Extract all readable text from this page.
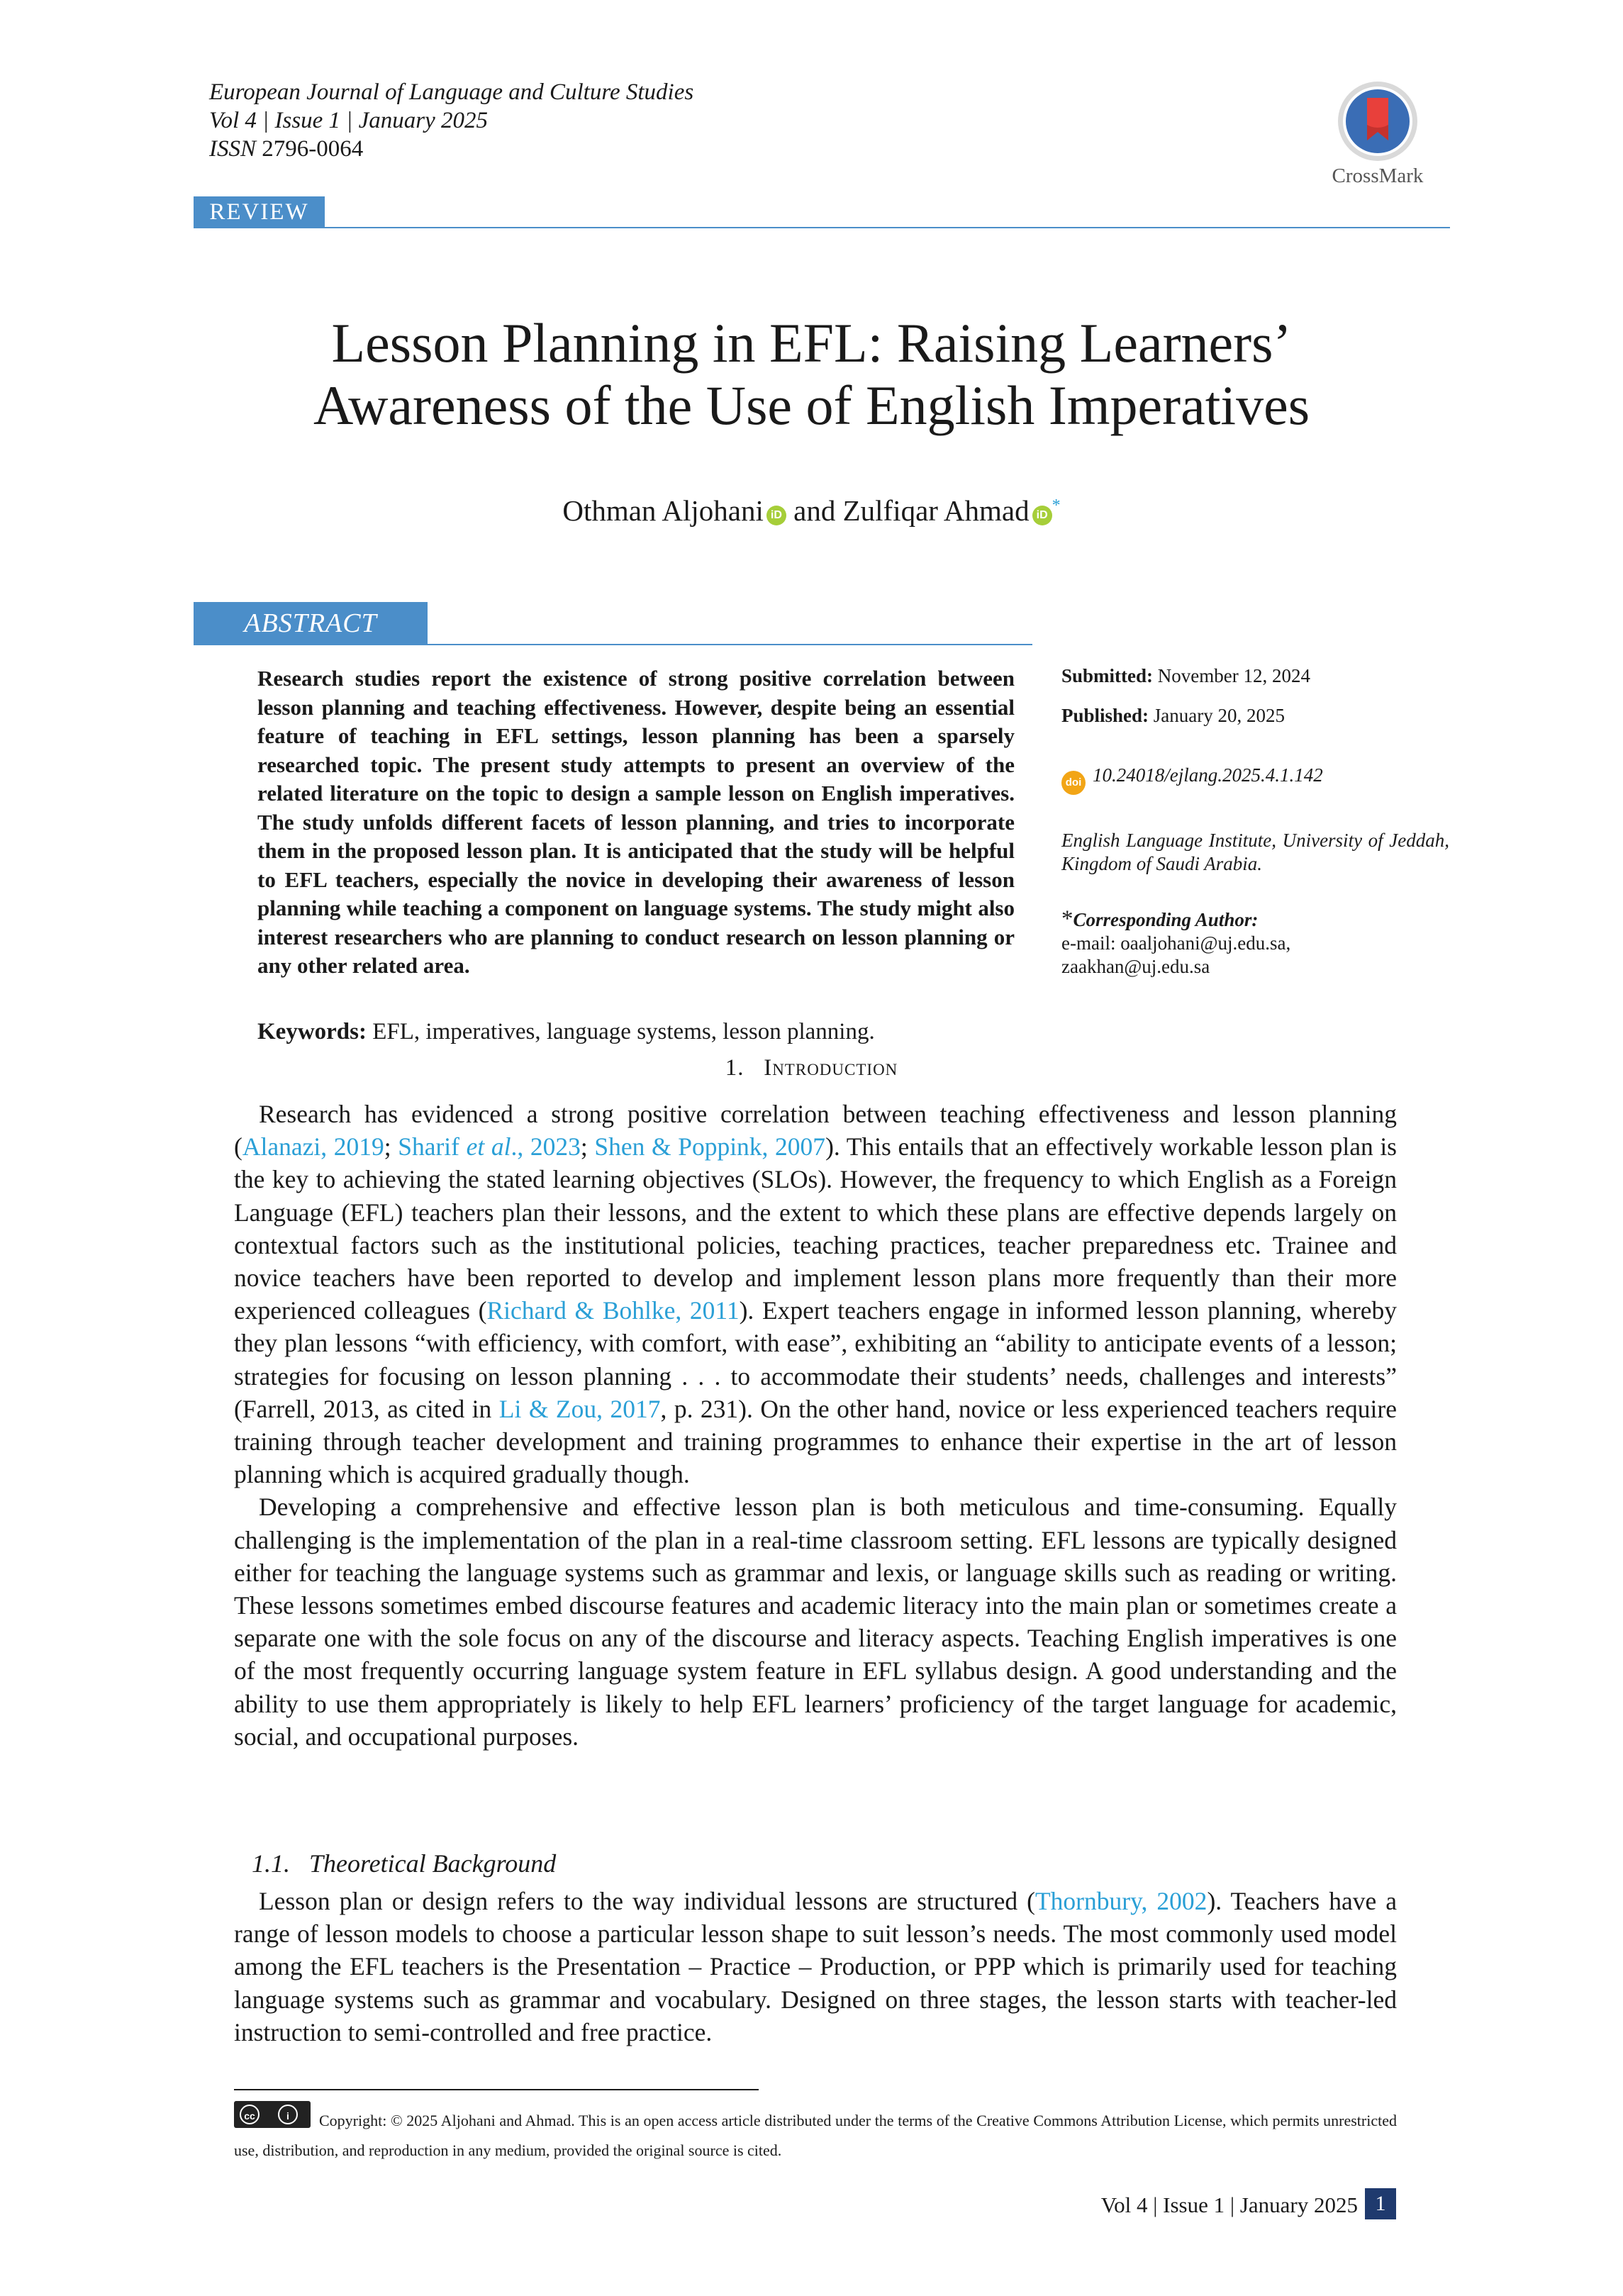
European Journal of Language and Culture Studies
Vol 4 | Issue 1 | January 2025
ISSN 2796-0064
CrossMark
REVIEW
Lesson Planning in EFL: Raising Learners’
Awareness of the Use of English Imperatives
Othman Aljohani iD and Zulfiqar Ahmad iD*
ABSTRACT
Research studies report the existence of strong positive correlation between lesson planning and teaching effectiveness. However, despite being an essential feature of teaching in EFL settings, lesson planning has been a sparsely researched topic. The present study attempts to present an overview of the related literature on the topic to design a sample lesson on English imperatives. The study unfolds different facets of lesson planning, and tries to incorporate them in the proposed lesson plan. It is anticipated that the study will be helpful to EFL teachers, especially the novice in developing their awareness of lesson planning while teaching a component on language systems. The study might also interest researchers who are planning to conduct research on lesson planning or any other related area.
Submitted: November 12, 2024
Published: January 20, 2025
doi 10.24018/ejlang.2025.4.1.142
English Language Institute, University of Jeddah, Kingdom of Saudi Arabia.
*Corresponding Author:
e-mail: oaaljohani@uj.edu.sa,
zaakhan@uj.edu.sa
Keywords: EFL, imperatives, language systems, lesson planning.
1. Introduction

Research has evidenced a strong positive correlation between teaching effectiveness and lesson planning (Alanazi, 2019; Sharif et al., 2023; Shen & Poppink, 2007). This entails that an effectively workable lesson plan is the key to achieving the stated learning objectives (SLOs). However, the frequency to which English as a Foreign Language (EFL) teachers plan their lessons, and the extent to which these plans are effective depends largely on contextual factors such as the institutional policies, teaching practices, teacher preparedness etc. Trainee and novice teachers have been reported to develop and implement lesson plans more frequently than their more experienced colleagues (Richard & Bohlke, 2011). Expert teachers engage in informed lesson planning, whereby they plan lessons “with efficiency, with comfort, with ease”, exhibiting an “ability to anticipate events of a lesson; strategies for focusing on lesson planning . . . to accommodate their students’ needs, challenges and interests” (Farrell, 2013, as cited in Li & Zou, 2017, p. 231). On the other hand, novice or less experienced teachers require training through teacher development and training programmes to enhance their expertise in the art of lesson planning which is acquired gradually though.

Developing a comprehensive and effective lesson plan is both meticulous and time-consuming. Equally challenging is the implementation of the plan in a real-time classroom setting. EFL lessons are typically designed either for teaching the language systems such as grammar and lexis, or language skills such as reading or writing. These lessons sometimes embed discourse features and academic literacy into the main plan or sometimes create a separate one with the sole focus on any of the discourse and literacy aspects. Teaching English imperatives is one of the most frequently occurring language system feature in EFL syllabus design. A good understanding and the ability to use them appropriately is likely to help EFL learners’ proficiency of the target language for academic, social, and occupational purposes.

1.1. Theoretical Background

Lesson plan or design refers to the way individual lessons are structured (Thornbury, 2002). Teachers have a range of lesson models to choose a particular lesson shape to suit lesson’s needs. The most commonly used model among the EFL teachers is the Presentation – Practice – Production, or PPP which is primarily used for teaching language systems such as grammar and vocabulary. Designed on three stages, the lesson starts with teacher-led instruction to semi-controlled and free practice.

cc	i	Copyright: © 2025 Aljohani and Ahmad. This is an open access article distributed under the terms of the Creative Commons Attribution License, which permits unrestricted use, distribution, and reproduction in any medium, provided the original source is cited.
Vol 4 | Issue 1 | January 2025 1
